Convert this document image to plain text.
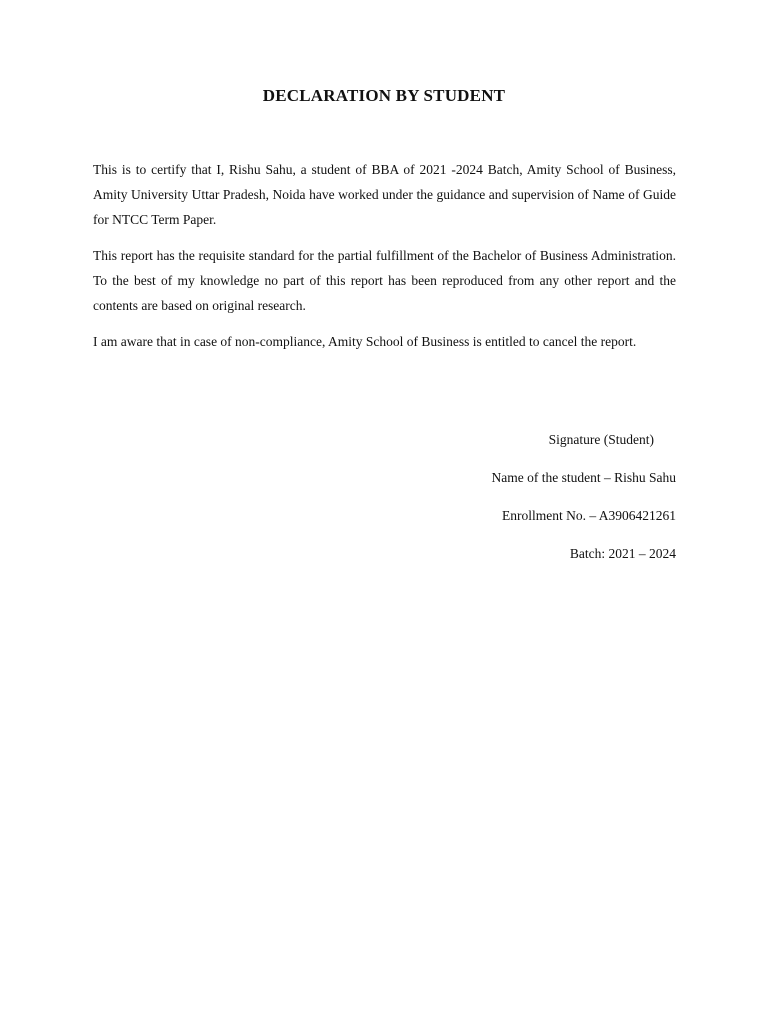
DECLARATION BY STUDENT

This is to certify that I, Rishu Sahu, a student of BBA of 2021 -2024 Batch, Amity School of Business, Amity University Uttar Pradesh, Noida have worked under the guidance and supervision of Name of Guide for NTCC Term Paper.

This report has the requisite standard for the partial fulfillment of the Bachelor of Business Administration. To the best of my knowledge no part of this report has been reproduced from any other report and the contents are based on original research.

I am aware that in case of non-compliance, Amity School of Business is entitled to cancel the report.

Signature (Student)
Name of the student – Rishu Sahu
Enrollment No. – A3906421261
Batch: 2021 – 2024
